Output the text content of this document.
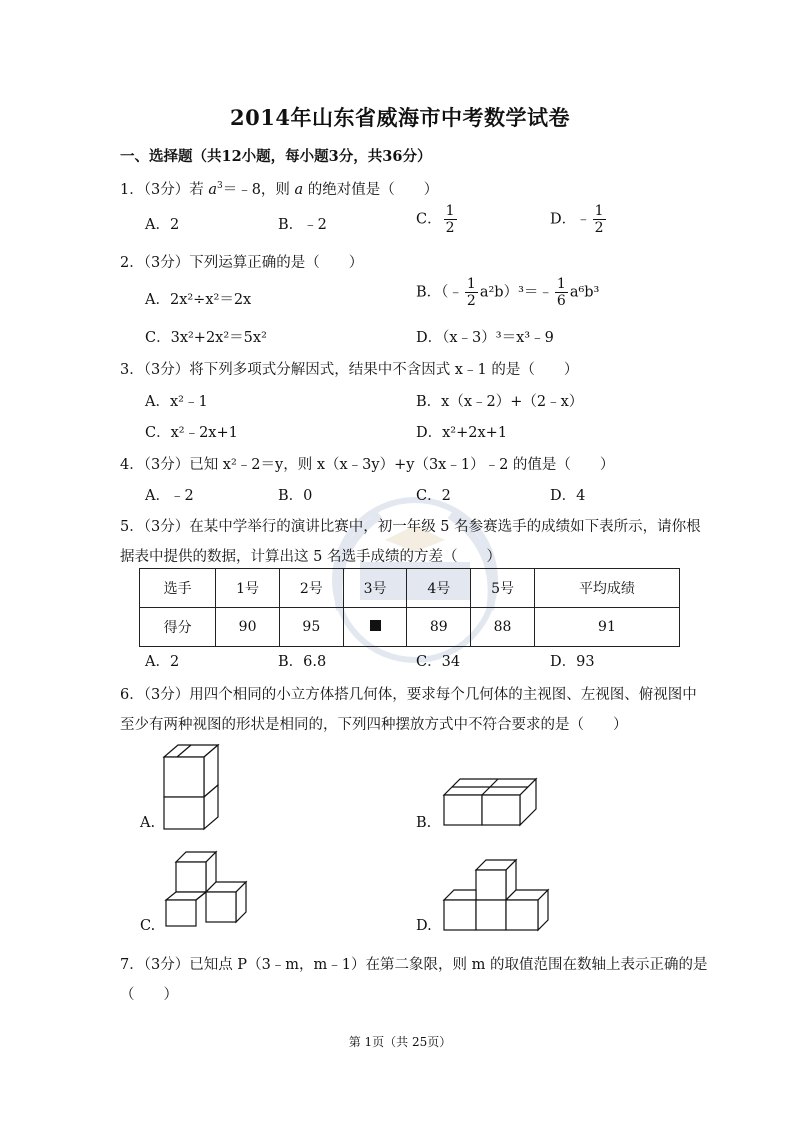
2014年山东省威海市中考数学试卷
一、选择题（共12小题，每小题3分，共36分）
1．（3分）若 $a^3=﹣8$，则 a 的绝对值是（　　）
A．2	B．﹣2	C． $\frac{1}{2}$	D．﹣ $\frac{1}{2}$
2．（3分）下列运算正确的是（　　）
A．2x²÷x²＝2x	B．（﹣ $\frac{1}{2}$ a²b）³＝﹣ $\frac{1}{6} a^6b^3$
C．3x²+2x²＝5x²	D．（x﹣3）³＝x³﹣9
3．（3分）将下列多项式分解因式，结果中不含因式 x﹣1 的是（　　）
A．x²﹣1	B．x（x﹣2）+（2﹣x）
C．x²﹣2x+1	D．x²+2x+1
4．（3分）已知 x²﹣2＝y，则 x（x﹣3y）+y（3x﹣1）﹣2 的值是（　　）
A．﹣2	B．0	C．2	D．4
5．（3分）在某中学举行的演讲比赛中，初一年级 5 名参赛选手的成绩如下表所示，请你根
据表中提供的数据，计算出这 5 名选手成绩的方差（　　）
选手	1号	2号	3号	4号	5号	平均成绩
得分	90	95		89	88	91
A．2	B．6.8	C．34	D．93
6．（3分）用四个相同的小立方体搭几何体，要求每个几何体的主视图、左视图、俯视图中
至少有两种视图的形状是相同的，下列四种摆放方式中不符合要求的是（　　）
A.	B.
C.	D.
7．（3分）已知点 P（3﹣m，m﹣1）在第二象限，则 m 的取值范围在数轴上表示正确的是
（　　）
第 1页（共 25页）
